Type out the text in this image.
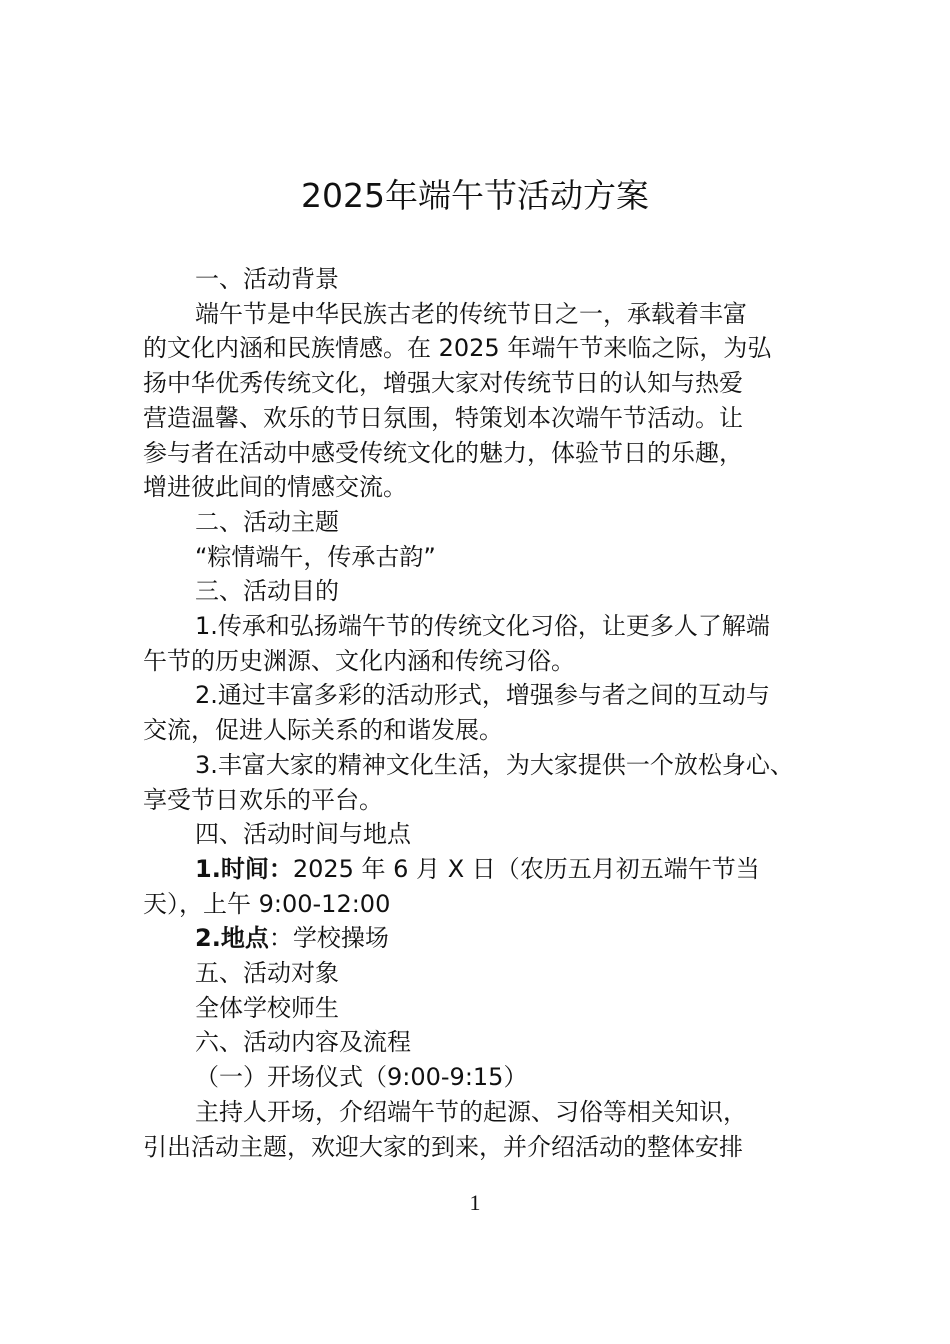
2025年端午节活动方案
一、活动背景
端午节是中华民族古老的传统节日之一，承载着丰富
的文化内涵和民族情感。在 2025 年端午节来临之际，为弘
扬中华优秀传统文化，增强大家对传统节日的认知与热爱
营造温馨、欢乐的节日氛围，特策划本次端午节活动。让
参与者在活动中感受传统文化的魅力，体验节日的乐趣，
增进彼此间的情感交流。
二、活动主题
“粽情端午，传承古韵”
三、活动目的
1.传承和弘扬端午节的传统文化习俗，让更多人了解端
午节的历史渊源、文化内涵和传统习俗。
2.通过丰富多彩的活动形式，增强参与者之间的互动与
交流，促进人际关系的和谐发展。
3.丰富大家的精神文化生活，为大家提供一个放松身心、
享受节日欢乐的平台。
四、活动时间与地点
1.时间：2025 年 6 月 X 日（农历五月初五端午节当
天），上午 9:00-12:00
2.地点：学校操场
五、活动对象
全体学校师生
六、活动内容及流程
（一）开场仪式（9:00-9:15）
主持人开场，介绍端午节的起源、习俗等相关知识，
引出活动主题，欢迎大家的到来，并介绍活动的整体安排
1
